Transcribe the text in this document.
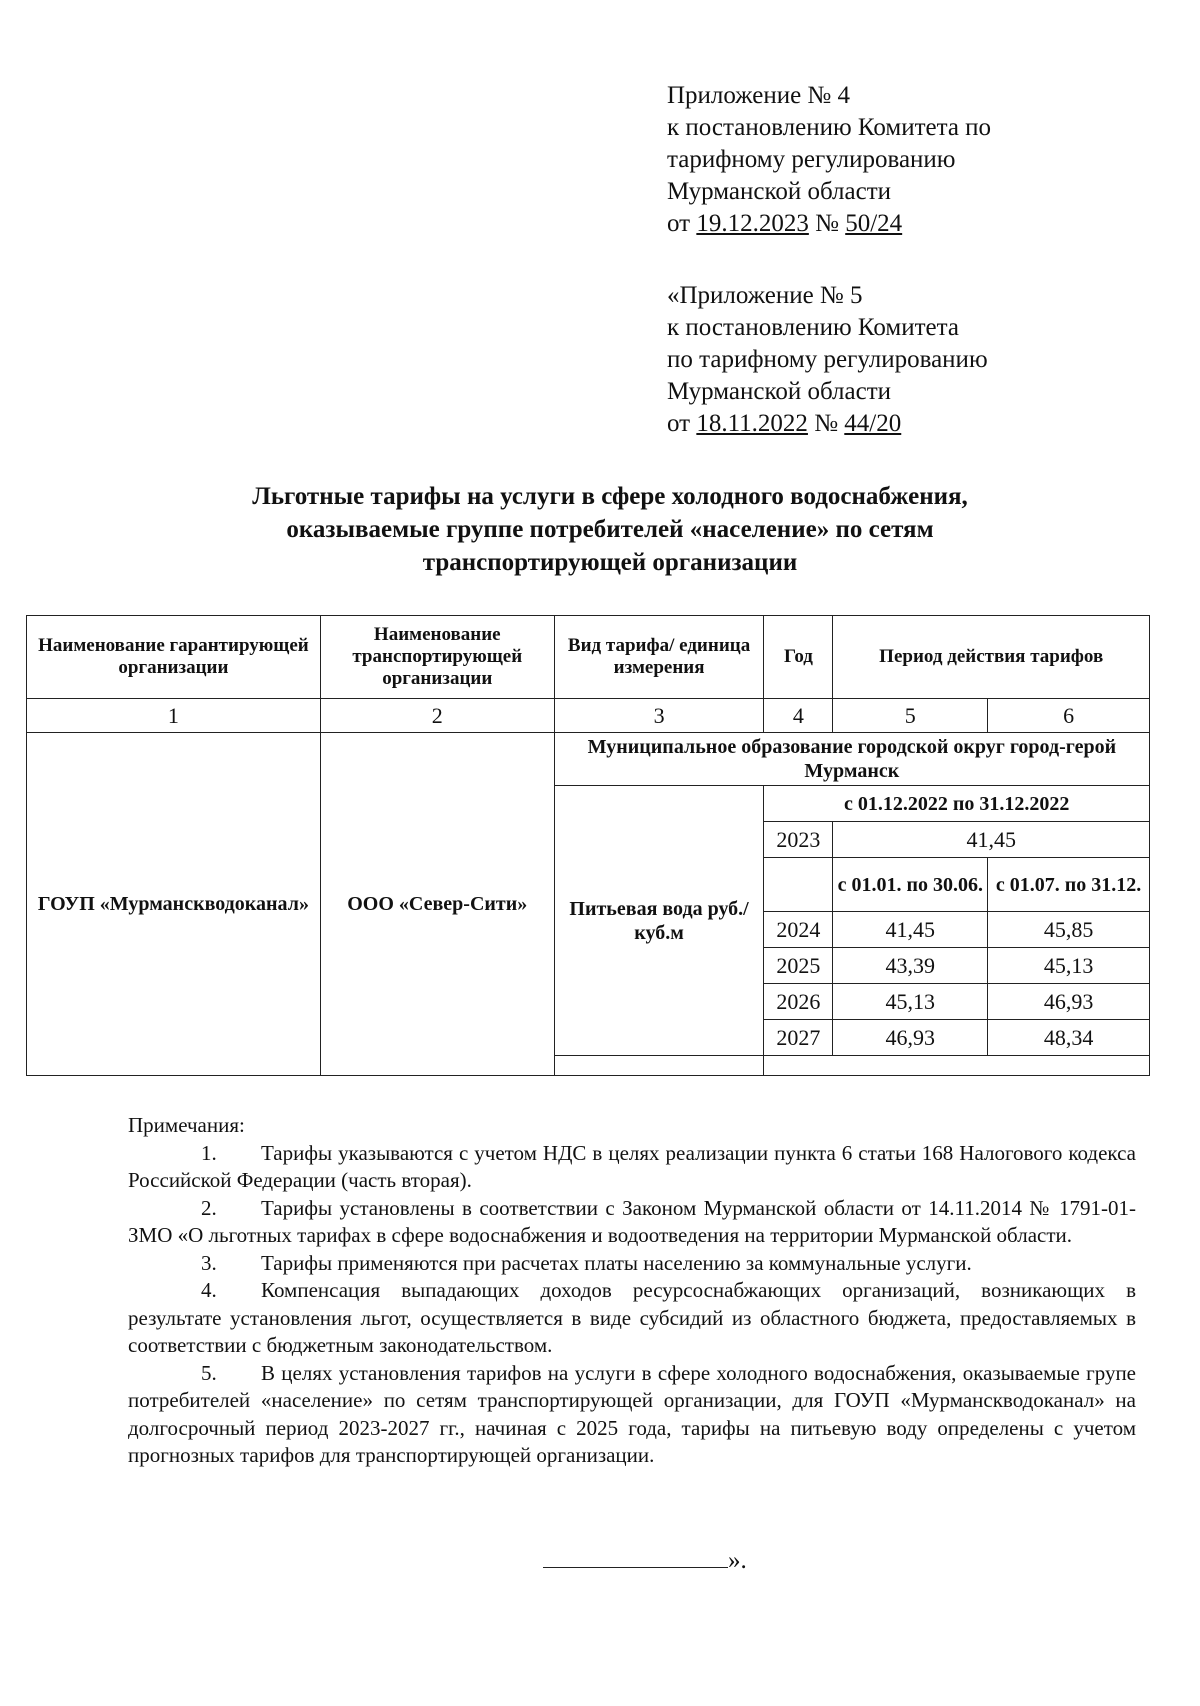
Приложение № 4
к постановлению Комитета по
тарифному регулированию
Мурманской области
от 19.12.2023 № 50/24
«Приложение № 5
к постановлению Комитета
по тарифному регулированию
Мурманской области
от 18.11.2022 № 44/20
Льготные тарифы на услуги в сфере холодного водоснабжения,
оказываемые группе потребителей «население» по сетям
транспортирующей организации
Наименование гарантирующей организации	Наименование транспортирующей организации	Вид тарифа/ единица измерения	Год	Период действия тарифов	
1	2	3	4	5	6
ГОУП «Мурманскводоканал»	ООО «Север-Сити»	Муниципальное образование городской округ город-герой Мурманск			
		Питьевая вода руб./куб.м	с 01.12.2022 по 31.12.2022		
			2023	41,45	
				с 01.01. по 30.06.	с 01.07. по 31.12.
			2024	41,45	45,85
			2025	43,39	45,13
			2026	45,13	46,93
			2027	46,93	48,34

Примечания:

1. Тарифы указываются с учетом НДС в целях реализации пункта 6 статьи 168 Налогового кодекса Российской Федерации (часть вторая).

2. Тарифы установлены в соответствии с Законом Мурманской области от 14.11.2014 № 1791-01-ЗМО «О льготных тарифах в сфере водоснабжения и водоотведения на территории Мурманской области.

3. Тарифы применяются при расчетах платы населению за коммунальные услуги.

4. Компенсация выпадающих доходов ресурсоснабжающих организаций, возникающих в результате установления льгот, осуществляется в виде субсидий из областного бюджета, предоставляемых в соответствии с бюджетным законодательством.

5. В целях установления тарифов на услуги в сфере холодного водоснабжения, оказываемые групе потребителей «население» по сетям транспортирующей организации, для ГОУП «Мурманскводоканал» на долгосрочный период 2023-2027 гг., начиная с 2025 года, тарифы на питьевую воду определены с учетом прогнозных тарифов для транспортирующей организации.

».
